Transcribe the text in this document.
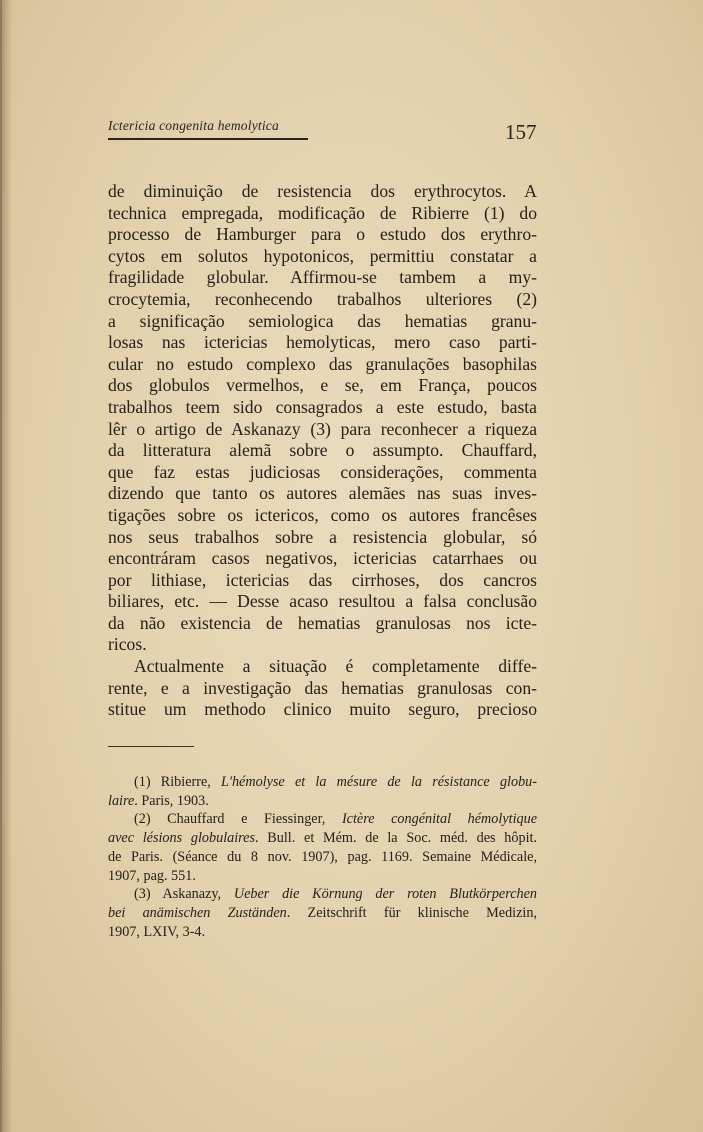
Ictericia congenita hemolytica	157
de diminuição de resistencia dos erythrocytos. A
technica empregada, modificação de Ribierre (1) do
processo de Hamburger para o estudo dos erythro-
cytos em solutos hypotonicos, permittiu constatar a
fragilidade globular. Affirmou-se tambem a my-
crocytemia, reconhecendo trabalhos ulteriores (2)
a significação semiologica das hematias granu-
losas nas ictericias hemolyticas, mero caso parti-
cular no estudo complexo das granulações basophilas
dos globulos vermelhos, e se, em França, poucos
trabalhos teem sido consagrados a este estudo, basta
lêr o artigo de Askanazy (3) para reconhecer a riqueza
da litteratura alemã sobre o assumpto. Chauffard,
que faz estas judiciosas considerações, commenta
dizendo que tanto os autores alemães nas suas inves-
tigações sobre os ictericos, como os autores francêses
nos seus trabalhos sobre a resistencia globular, só
encontráram casos negativos, ictericias catarrhaes ou
por lithiase, ictericias das cirrhoses, dos cancros
biliares, etc. — Desse acaso resultou a falsa conclusão
da não existencia de hematias granulosas nos icte-
ricos.
Actualmente a situação é completamente diffe-
rente, e a investigação das hematias granulosas con-
stitue um methodo clinico muito seguro, precioso
(1) Ribierre, L'hémolyse et la mésure de la résistance globu-
laire. Paris, 1903.
(2) Chauffard e Fiessinger, Ictère congénital hémolytique
avec lésions globulaires. Bull. et Mém. de la Soc. méd. des hôpit.
de Paris. (Séance du 8 nov. 1907), pag. 1169. Semaine Médicale,
1907, pag. 551.
(3) Askanazy, Ueber die Körnung der roten Blutkörperchen
bei anämischen Zuständen. Zeitschrift für klinische Medizin,
1907, LXIV, 3-4.
